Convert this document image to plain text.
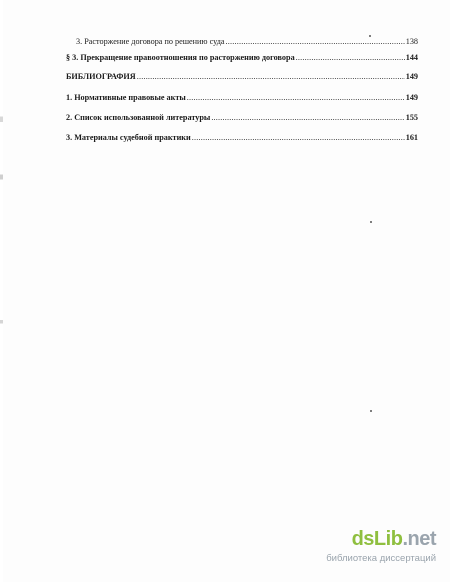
3. Расторжение договора по решению суда .....	138
§ 3. Прекращение правоотношения по расторжению договора .....	144
БИБЛИОГРАФИЯ .....	149
1. Нормативные правовые акты .....	149
2. Список использованной литературы .....	155
3. Материалы судебной практики .....	161
dsLib.net
библиотека диссертаций
